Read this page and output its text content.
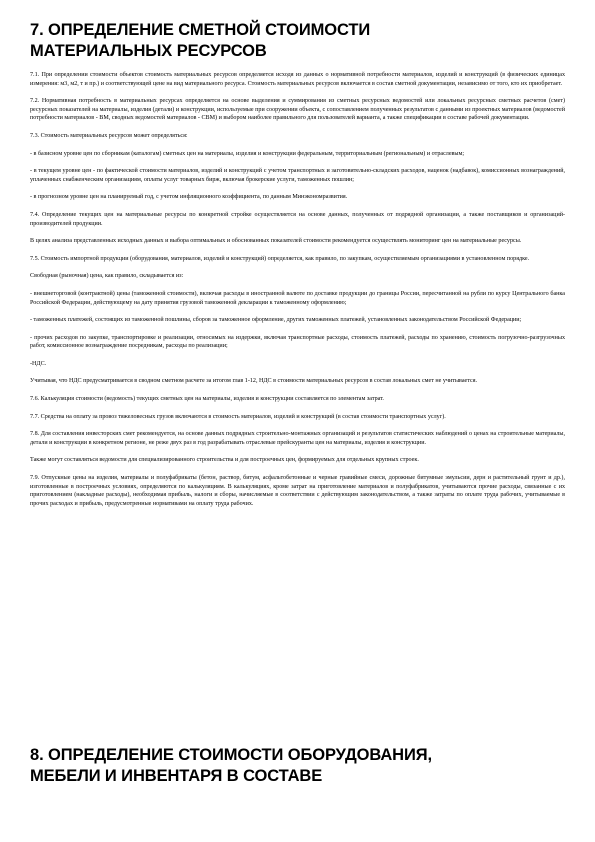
7. ОПРЕДЕЛЕНИЕ СМЕТНОЙ СТОИМОСТИ
МАТЕРИАЛЬНЫХ РЕСУРСОВ

7.1. При определении стоимости объектов стоимость материальных ресурсов определяется исходя из данных о нормативной потребности материалов, изделий и конструкций (в физических единицах измерения: м3, м2, т и пр.) и соответствующей цене на вид материального ресурса. Стоимость материальных ресурсов включается в состав сметной документации, независимо от того, кто их приобретает.

7.2. Нормативная потребность в материальных ресурсах определяется на основе выделения и суммирования из сметных ресурсных ведомостей или локальных ресурсных сметных расчетов (смет) ресурсных показателей на материалы, изделия (детали) и конструкции, используемые при сооружении объекта, с сопоставлением полученных результатов с данными из проектных материалов (ведомостей потребности материалов - ВМ, сводных ведомостей материалов - СВМ) и выбором наиболее правильного для пользователей варианта, а также спецификации в составе рабочей документации.

7.3. Стоимость материальных ресурсов может определяться:

- в базисном уровне цен по сборникам (каталогам) сметных цен на материалы, изделия и конструкции федеральным, территориальным (региональным) и отраслевым;

- в текущем уровне цен - по фактической стоимости материалов, изделий и конструкций с учетом транспортных и заготовительно-складских расходов, наценок (надбавок), комиссионных вознаграждений, уплаченных снабженческим организациям, оплаты услуг товарных бирж, включая брокерские услуги, таможенных пошлин;

- в прогнозном уровне цен на планируемый год, с учетом инфляционного коэффициента, по данным Минэкономразвития.

7.4. Определение текущих цен на материальные ресурсы по конкретной стройке осуществляется на основе данных, полученных от подрядной организации, а также поставщиков и организаций-производителей продукции.

В целях анализа представленных исходных данных и выбора оптимальных и обоснованных показателей стоимости рекомендуется осуществлять мониторинг цен на материальные ресурсы.

7.5. Стоимость импортной продукции (оборудования, материалов, изделий и конструкций) определяется, как правило, по закупкам, осуществляемым организациями в установленном порядке.

Свободная (рыночная) цена, как правило, складывается из:

- внешнеторговой (контрактной) цены (таможенной стоимости), включая расходы в иностранной валюте по доставке продукции до границы России, пересчитанной на рубли по курсу Центрального банка Российской Федерации, действующему на дату принятия грузовой таможенной декларации к таможенному оформлению;

- таможенных платежей, состоящих из таможенной пошлины, сборов за таможенное оформление, других таможенных платежей, установленных законодательством Российской Федерации;

- прочих расходов по закупке, транспортировке и реализации, относимых на издержки, включая транспортные расходы, стоимость платежей, расходы по хранению, стоимость погрузочно-разгрузочных работ, комиссионное вознаграждение посредникам, расходы по реализации;

-НДС.

Учитывая, что НДС предусматривается в сводном сметном расчете за итогом глав 1-12, НДС в стоимости материальных ресурсов в состав локальных смет не учитывается.

7.6. Калькуляция стоимости (ведомость) текущих сметных цен на материалы, изделия и конструкции составляется по элементам затрат.

7.7. Средства на оплату за провоз тяжеловесных грузов включаются в стоимость материалов, изделий и конструкций (в состав стоимости транспортных услуг).

7.8. Для составления инвесторских смет рекомендуется, на основе данных подрядных строительно-монтажных организаций и результатов статистических наблюдений о ценах на строительные материалы, детали и конструкции в конкретном регионе, не реже двух раз в год разрабатывать отраслевые прейскуранты цен на материалы, изделия и конструкции.

Также могут составляться ведомости для специализированного строительства и для построечных цен, формируемых для отдельных крупных строек.

7.9. Отпускные цены на изделия, материалы и полуфабрикаты (бетон, раствор, битум, асфальтобетонные и черные гравийные смеси, дорожные битумные эмульсии, дерн и растительный грунт и др.), изготовленные в построечных условиях, определяются по калькуляциям. В калькуляциях, кроме затрат на приготовление материалов и полуфабрикатов, учитываются прочие расходы, связанные с их приготовлением (накладные расходы), необходимая прибыль, налоги и сборы, начисляемые в соответствии с действующим законодательством, а также затраты по оплате труда рабочих, учитываемые в прочих расходах и прибыль, предусмотренные нормативами на оплату труда рабочих.

8. ОПРЕДЕЛЕНИЕ СТОИМОСТИ ОБОРУДОВАНИЯ,
МЕБЕЛИ И ИНВЕНТАРЯ В СОСТАВЕ
